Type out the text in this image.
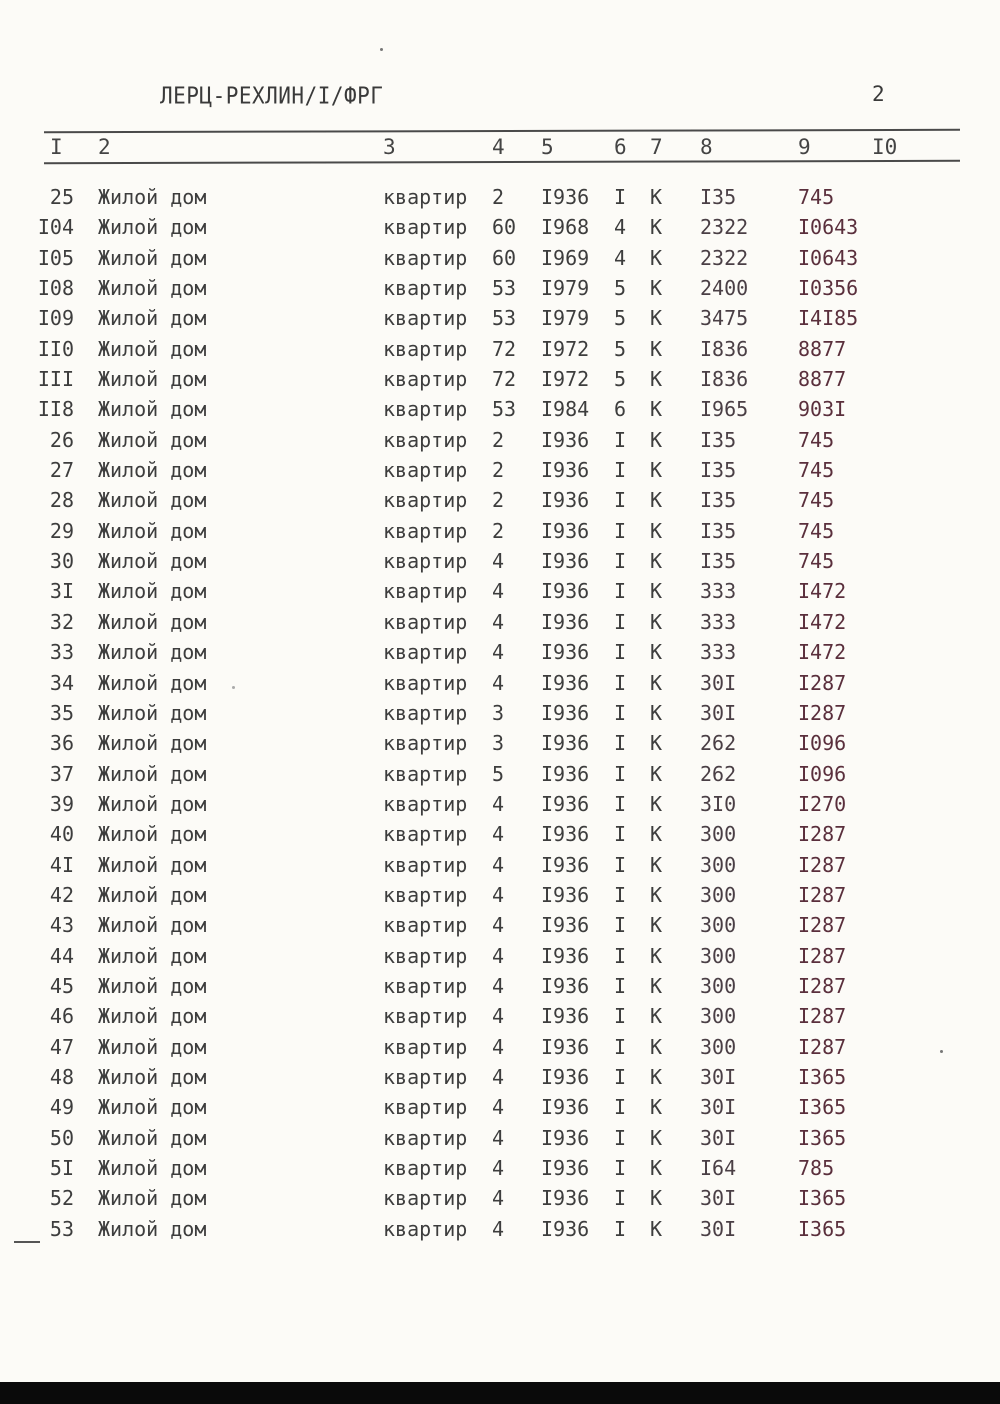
ЛЕРЦ-РЕХЛИН/I/ФРГ	2
I 2	3	4 5	6 7 8	9	I0
25 Жилой дом	квартир 2 I936 I К I35	745
I04 Жилой дом	квартир 60 I968 4 К 2322 I0643
I05 Жилой дом	квартир 60 I969 4 К 2322 I0643
I08 Жилой дом	квартир 53 I979 5 К 2400 I0356
I09 Жилой дом	квартир 53 I979 5 К 3475 I4I85
II0 Жилой дом	квартир 72 I972 5 К I836 8877
III Жилой дом	квартир 72 I972 5 К I836 8877
II8 Жилой дом	квартир 53 I984 6 К I965 903I
26 Жилой дом	квартир 2 I936 I К I35	745
27 Жилой дом	квартир 2 I936 I К I35	745
28 Жилой дом	квартир 2 I936 I К I35	745
29 Жилой дом	квартир 2 I936 I К I35	745
30 Жилой дом	квартир 4 I936 I К I35	745
3I Жилой дом	квартир 4 I936 I К 333	I472
32 Жилой дом	квартир 4 I936 I К 333	I472
33 Жилой дом	квартир 4 I936 I К 333	I472
34 Жилой дом	квартир 4 I936 I К 30I	I287
35 Жилой дом	квартир 3 I936 I К 30I	I287
36 Жилой дом	квартир 3 I936 I К 262	I096
37 Жилой дом	квартир 5 I936 I К 262	I096
39 Жилой дом	квартир 4 I936 I К 3I0	I270
40 Жилой дом	квартир 4 I936 I К 300	I287
4I Жилой дом	квартир 4 I936 I К 300	I287
42 Жилой дом	квартир 4 I936 I К 300	I287
43 Жилой дом	квартир 4 I936 I К 300	I287
44 Жилой дом	квартир 4 I936 I К 300	I287
45 Жилой дом	квартир 4 I936 I К 300	I287
46 Жилой дом	квартир 4 I936 I К 300	I287
47 Жилой дом	квартир 4 I936 I К 300	I287
48 Жилой дом	квартир 4 I936 I К 30I	I365
49 Жилой дом	квартир 4 I936 I К 30I	I365
50 Жилой дом	квартир 4 I936 I К 30I	I365
5I Жилой дом	квартир 4 I936 I К I64	785
52 Жилой дом	квартир 4 I936 I К 30I	I365
53 Жилой дом	квартир 4 I936 I К 30I	I365
